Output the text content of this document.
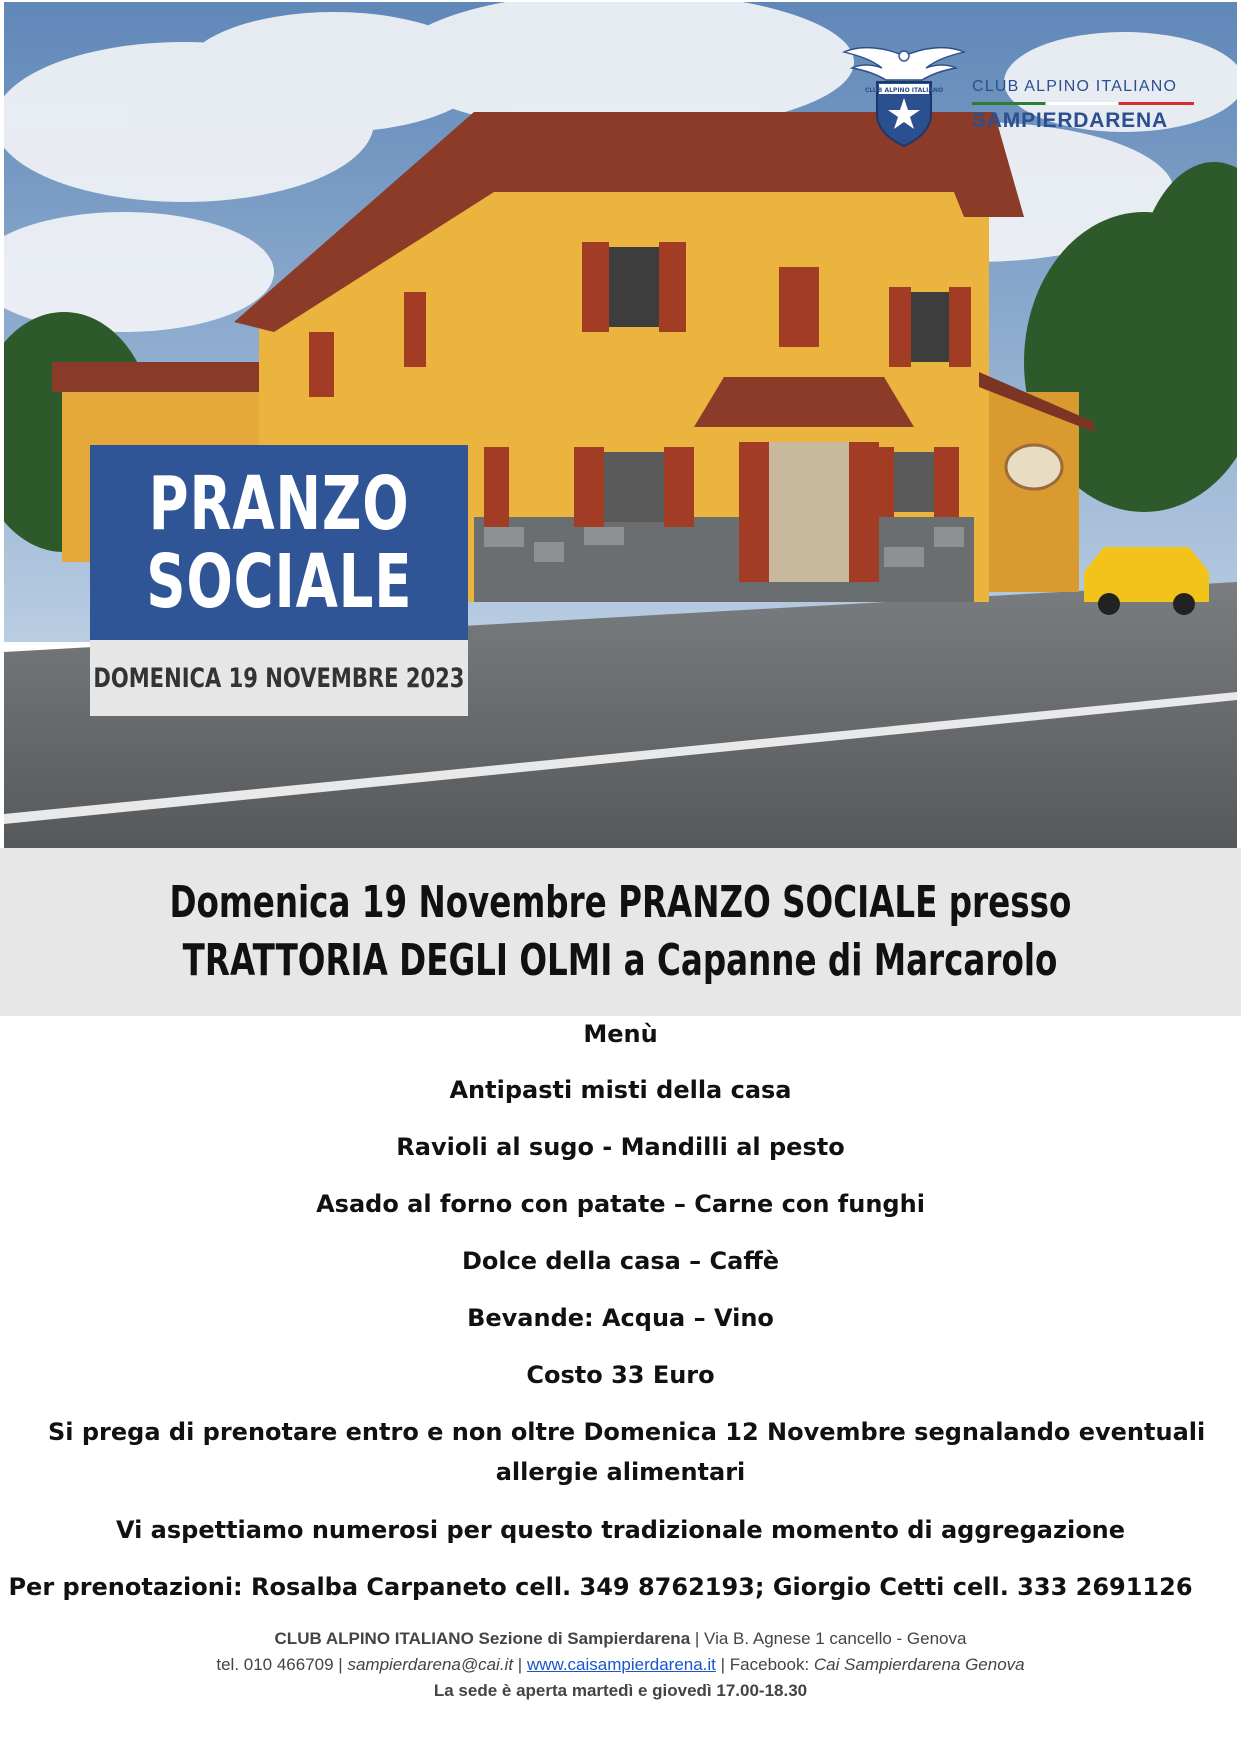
CLUB ALPINO ITALIANO CLUB ALPINO ITALIANO
SAMPIERDARENA
PRANZO
SOCIALE
DOMENICA 19 NOVEMBRE 2023
Domenica 19 Novembre PRANZO SOCIALE presso
TRATTORIA DEGLI OLMI a Capanne di Marcarolo
Menù
Antipasti misti della casa
Ravioli al sugo - Mandilli al pesto
Asado al forno con patate – Carne con funghi
Dolce della casa – Caffè
Bevande: Acqua – Vino
Costo 33 Euro
Si prega di prenotare entro e non oltre Domenica 12 Novembre segnalando eventuali
allergie alimentari
Vi aspettiamo numerosi per questo tradizionale momento di aggregazione
Per prenotazioni: Rosalba Carpaneto cell. 349 8762193; Giorgio Cetti cell. 333 2691126
CLUB ALPINO ITALIANO Sezione di Sampierdarena | Via B. Agnese 1 cancello - Genova
tel. 010 466709 | sampierdarena@cai.it | www.caisampierdarena.it | Facebook: Cai Sampierdarena Genova
La sede è aperta martedì e giovedì 17.00-18.30
